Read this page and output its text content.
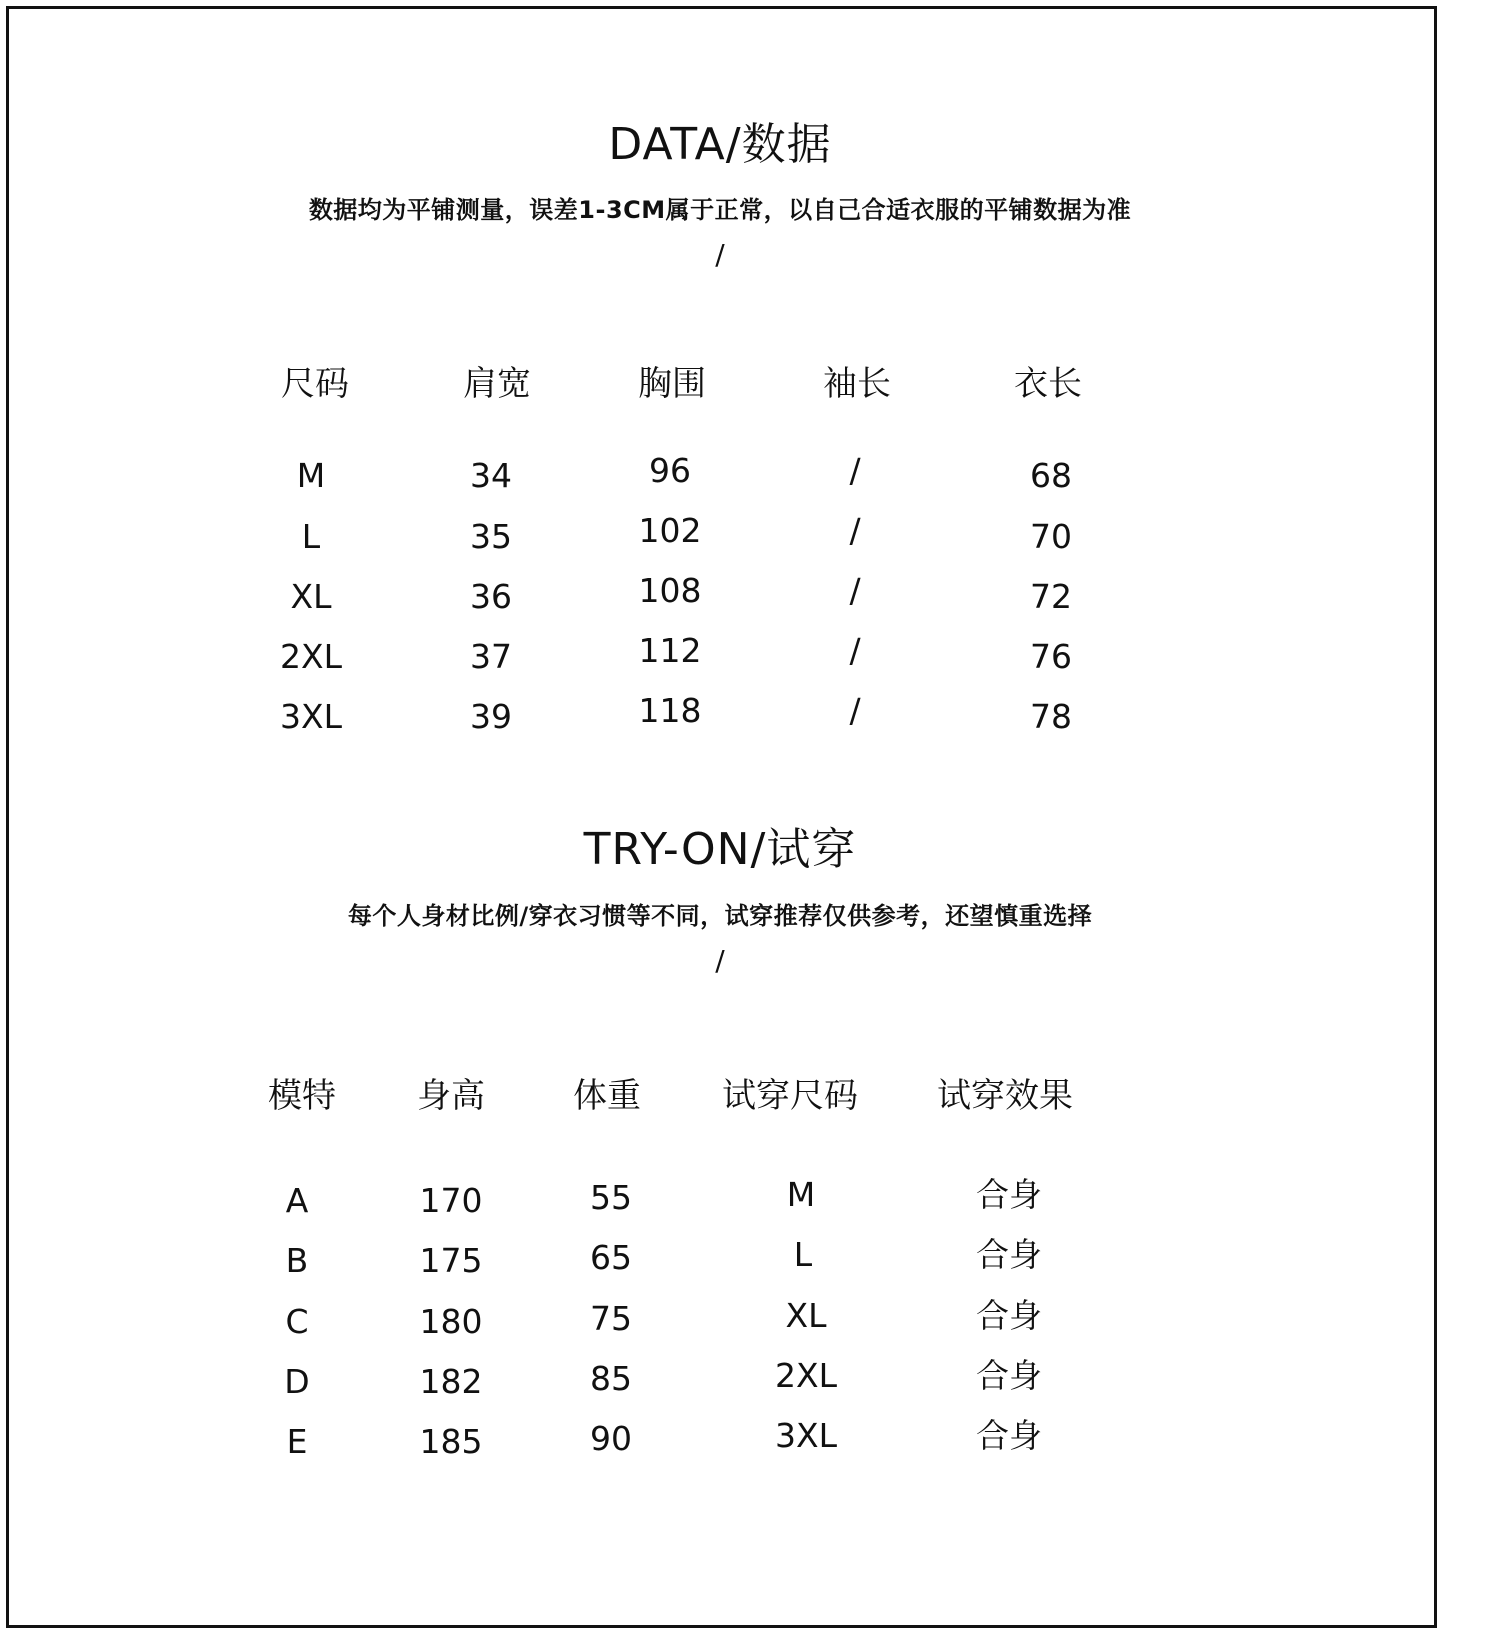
DATA/数据
数据均为平铺测量，误差1-3CM属于正常，以自己合适衣服的平铺数据为准
/
尺码	肩宽	胸围	袖长	衣长
M	34	96	/	68
L	35	102	/	70
XL	36	108	/	72
2XL	37	112	/	76
3XL	39	118	/	78
TRY-ON/试穿
每个人身材比例/穿衣习惯等不同，试穿推荐仅供参考，还望慎重选择
/
模特	身高	体重	试穿尺码	试穿效果
A	170	55	M	合身
B	175	65	L	合身
C	180	75	XL	合身
D	182	85	2XL	合身
E	185	90	3XL	合身
